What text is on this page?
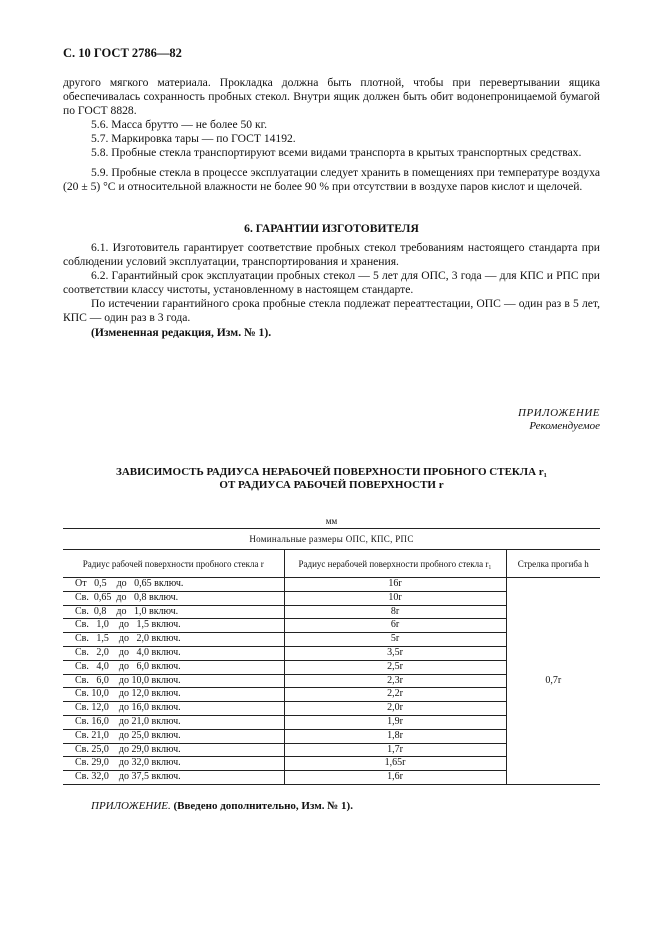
С. 10 ГОСТ 2786—82

другого мягкого материала. Прокладка должна быть плотной, чтобы при перевертывании ящика обеспечивалась сохранность пробных стекол. Внутри ящик должен быть обит водонепроницаемой бумагой по ГОСТ 8828.

5.6. Масса брутто — не более 50 кг.

5.7. Маркировка тары — по ГОСТ 14192.

5.8. Пробные стекла транспортируют всеми видами транспорта в крытых транспортных средствах.

5.9. Пробные стекла в процессе эксплуатации следует хранить в помещениях при температуре воздуха (20 ± 5) °С и относительной влажности не более 90 % при отсутствии в воздухе паров кислот и щелочей.

6. ГАРАНТИИ ИЗГОТОВИТЕЛЯ

6.1. Изготовитель гарантирует соответствие пробных стекол требованиям настоящего стандарта при соблюдении условий эксплуатации, транспортирования и хранения.

6.2. Гарантийный срок эксплуатации пробных стекол — 5 лет для ОПС, 3 года — для КПС и РПС при соответствии классу чистоты, установленному в настоящем стандарте.

По истечении гарантийного срока пробные стекла подлежат переаттестации, ОПС — один раз в 5 лет, КПС — один раз в 3 года.

(Измененная редакция, Изм. № 1).

ПРИЛОЖЕНИЕ
Рекомендуемое
ЗАВИСИМОСТЬ РАДИУСА НЕРАБОЧЕЙ ПОВЕРХНОСТИ ПРОБНОГО СТЕКЛА r₁
ОТ РАДИУСА РАБОЧЕЙ ПОВЕРХНОСТИ r
мм
Номинальные размеры ОПС, КПС, РПС		
Радиус рабочей поверхности пробного стекла r	Радиус нерабочей поверхности пробного стекла r₁	Стрелка прогиба h
От   0,5    до   0,65 включ.	16r	0,7r
Св.  0,65  до   0,8 включ.	10r	
Св.  0,8    до   1,0 включ.	8r	
Св.   1,0    до   1,5 включ.	6r	
Св.   1,5    до   2,0 включ.	5r	
Св.   2,0    до   4,0 включ.	3,5r	
Св.   4,0    до   6,0 включ.	2,5r	
Св.   6,0    до 10,0 включ.	2,3r	
Св. 10,0    до 12,0 включ.	2,2r	
Св. 12,0    до 16,0 включ.	2,0r	
Св. 16,0    до 21,0 включ.	1,9r	
Св. 21,0    до 25,0 включ.	1,8r	
Св. 25,0    до 29,0 включ.	1,7r	
Св. 29,0    до 32,0 включ.	1,65r	
Св. 32,0    до 37,5 включ.	1,6r	
ПРИЛОЖЕНИЕ. (Введено дополнительно, Изм. № 1).
